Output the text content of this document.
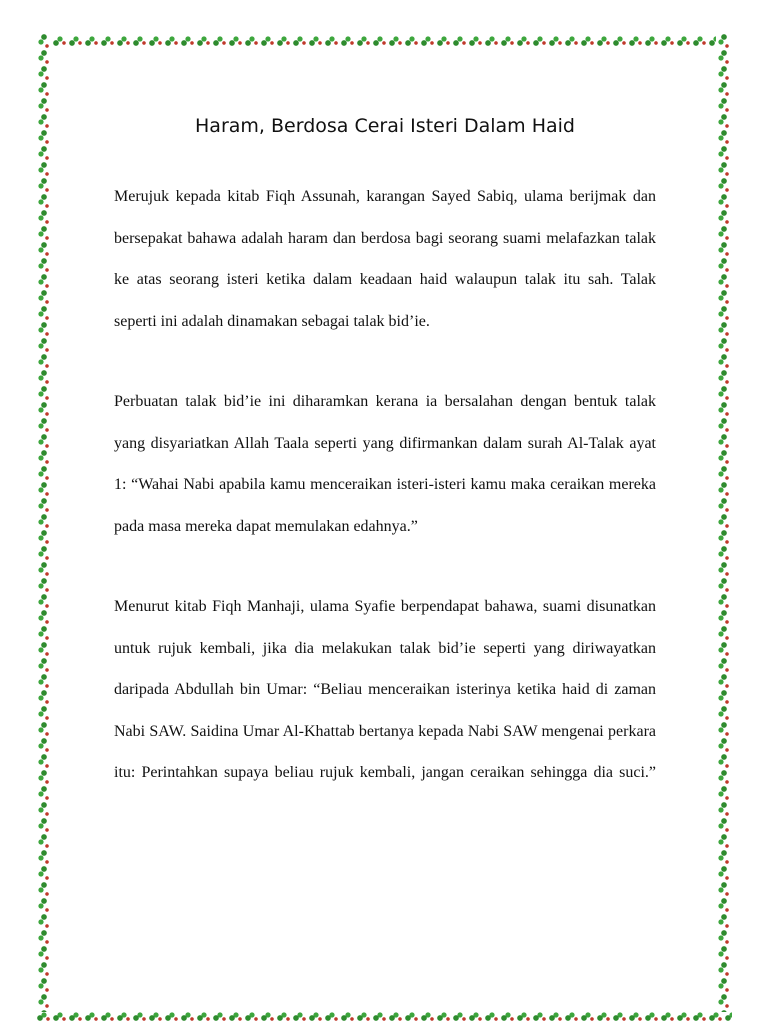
Haram, Berdosa Cerai Isteri Dalam Haid

Merujuk kepada kitab Fiqh Assunah, karangan Sayed Sabiq, ulama berijmak dan bersepakat bahawa adalah haram dan berdosa bagi seorang suami melafazkan talak ke atas seorang isteri ketika dalam keadaan haid walaupun talak itu sah. Talak seperti ini adalah dinamakan sebagai talak bid’ie.

Perbuatan talak bid’ie ini diharamkan kerana ia bersalahan dengan bentuk talak yang disyariatkan Allah Taala seperti yang difirmankan dalam surah Al-Talak ayat 1: “Wahai Nabi apabila kamu menceraikan isteri-isteri kamu maka ceraikan mereka pada masa mereka dapat memulakan edahnya.”

Menurut kitab Fiqh Manhaji, ulama Syafie berpendapat bahawa, suami disunatkan untuk rujuk kembali, jika dia melakukan talak bid’ie seperti yang diriwayatkan daripada Abdullah bin Umar: “Beliau menceraikan isterinya ketika haid di zaman Nabi SAW. Saidina Umar Al-Khattab bertanya kepada Nabi SAW mengenai perkara itu: Perintahkan supaya beliau rujuk kembali, jangan ceraikan sehingga dia suci.”
